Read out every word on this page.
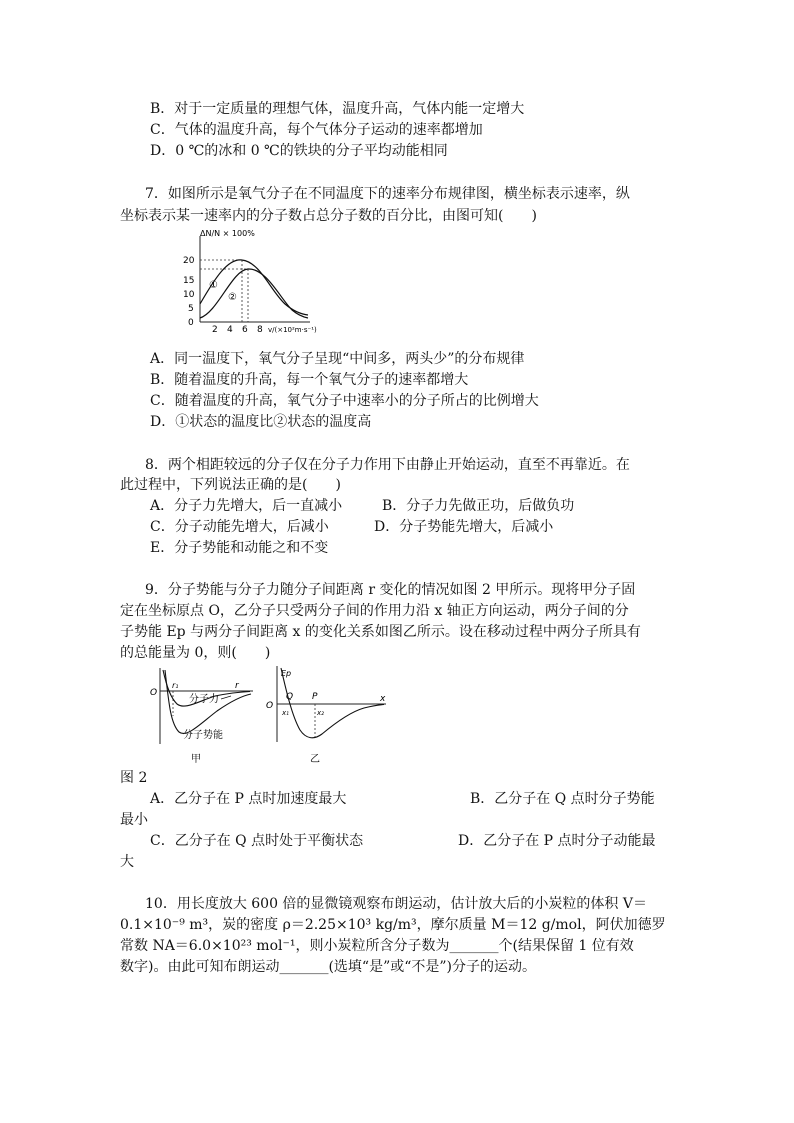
B．对于一定质量的理想气体，温度升高，气体内能一定增大
C．气体的温度升高，每个气体分子运动的速率都增加
D．0 ℃的冰和 0 ℃的铁块的分子平均动能相同
7．如图所示是氧气分子在不同温度下的速率分布规律图，横坐标表示速率，纵
坐标表示某一速率内的分子数占总分子数的百分比，由图可知(　　)
ΔN/N × 100%
0
5
10
15
20
①
②
2 4 6 8 v/(×10²m·s⁻¹)
A．同一温度下，氧气分子呈现“中间多，两头少”的分布规律
B．随着温度的升高，每一个氧气分子的速率都增大
C．随着温度的升高，氧气分子中速率小的分子所占的比例增大
D．①状态的温度比②状态的温度高
8．两个相距较远的分子仅在分子力作用下由静止开始运动，直至不再靠近。在
此过程中，下列说法正确的是(　　)
A．分子力先增大，后一直减小	B．分子力先做正功，后做负功
C．分子动能先增大，后减小	D．分子势能先增大，后减小
E．分子势能和动能之和不变
9．分子势能与分子力随分子间距离 r 变化的情况如图 2 甲所示。现将甲分子固
定在坐标原点 O，乙分子只受两分子间的作用力沿 x 轴正方向运动，两分子间的分
子势能 Ep 与两分子间距离 x 的变化关系如图乙所示。设在移动过程中两分子所具有
的总能量为 0，则(　　)
O
r₁	r
分子力
分子势能
甲
Ep
O
Q P	x
x₁	x₂
乙
图 2
A．乙分子在 P 点时加速度最大	B．乙分子在 Q 点时分子势能
最小
C．乙分子在 Q 点时处于平衡状态	D．乙分子在 P 点时分子动能最
大
10．用长度放大 600 倍的显微镜观察布朗运动，估计放大后的小炭粒的体积 V＝
0.1×10⁻⁹ m³，炭的密度 ρ＝2.25×10³ kg/m³，摩尔质量 M＝12 g/mol，阿伏加德罗
常数 NA＝6.0×10²³ mol⁻¹，则小炭粒所含分子数为_______个(结果保留 1 位有效
数字)。由此可知布朗运动_______(选填“是”或“不是”)分子的运动。
